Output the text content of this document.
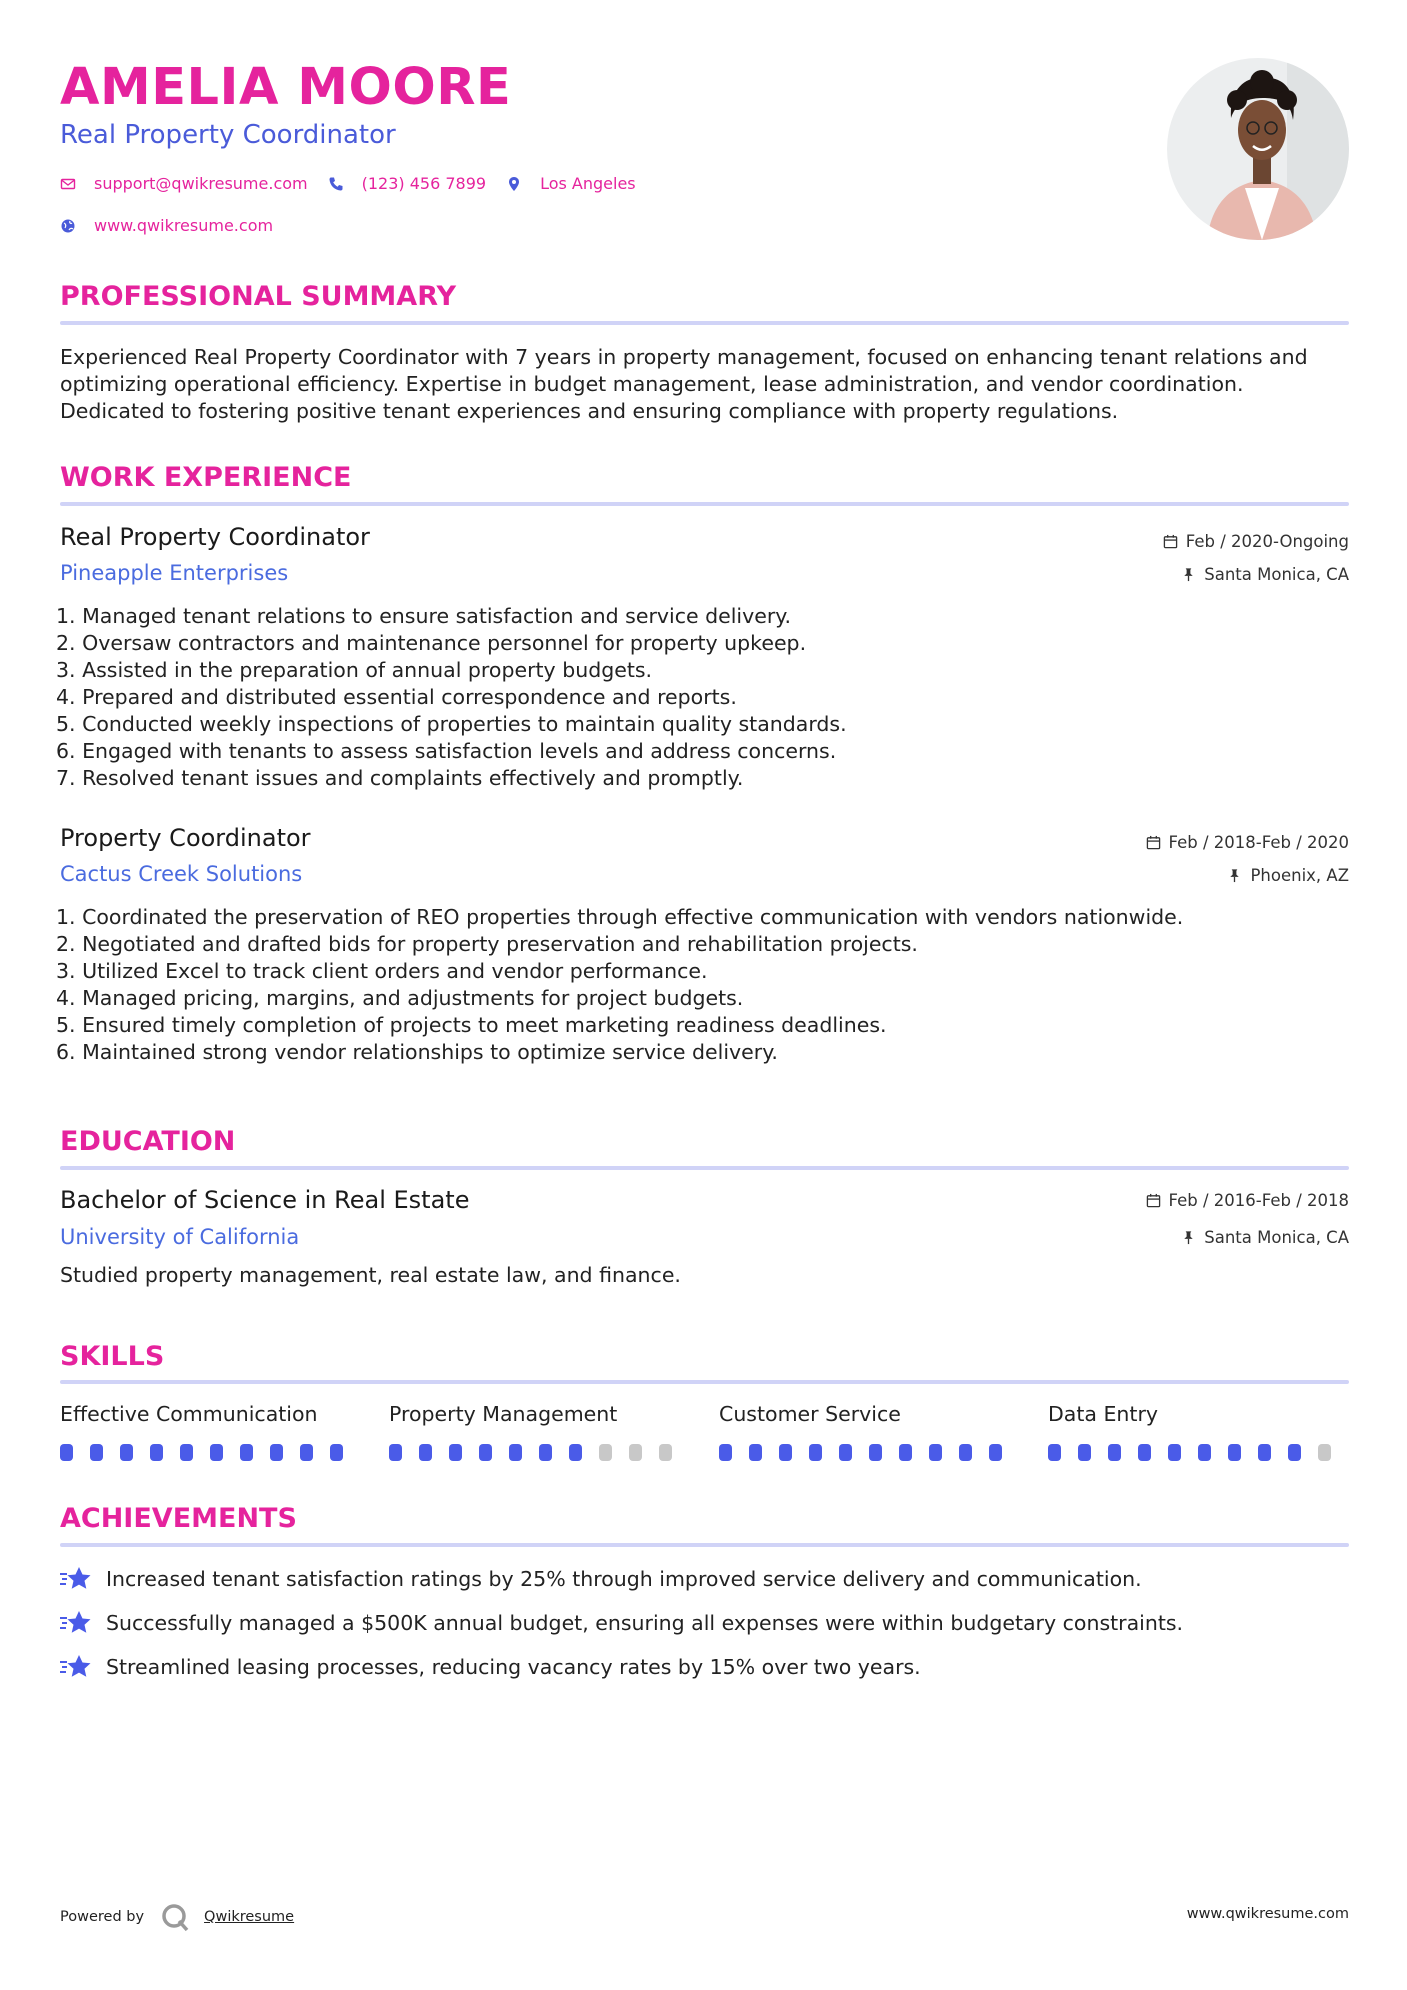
AMELIA MOORE
Real Property Coordinator
support@qwikresume.com	(123) 456 7899	Los Angeles
www.qwikresume.com
PROFESSIONAL SUMMARY
Experienced Real Property Coordinator with 7 years in property management, focused on enhancing tenant relations and optimizing operational efficiency. Expertise in budget management, lease administration, and vendor coordination. Dedicated to fostering positive tenant experiences and ensuring compliance with property regulations.
WORK EXPERIENCE
Real Property Coordinator
Pineapple Enterprises
Feb / 2020-Ongoing
Santa Monica, CA
1. Managed tenant relations to ensure satisfaction and service delivery.
2. Oversaw contractors and maintenance personnel for property upkeep.
3. Assisted in the preparation of annual property budgets.
4. Prepared and distributed essential correspondence and reports.
5. Conducted weekly inspections of properties to maintain quality standards.
6. Engaged with tenants to assess satisfaction levels and address concerns.
7. Resolved tenant issues and complaints effectively and promptly.
Property Coordinator
Cactus Creek Solutions
Feb / 2018-Feb / 2020
Phoenix, AZ
1. Coordinated the preservation of REO properties through effective communication with vendors nationwide.
2. Negotiated and drafted bids for property preservation and rehabilitation projects.
3. Utilized Excel to track client orders and vendor performance.
4. Managed pricing, margins, and adjustments for project budgets.
5. Ensured timely completion of projects to meet marketing readiness deadlines.
6. Maintained strong vendor relationships to optimize service delivery.
EDUCATION
Bachelor of Science in Real Estate
University of California
Feb / 2016-Feb / 2018
Santa Monica, CA
Studied property management, real estate law, and finance.
SKILLS
Effective Communication	Property Management	Customer Service	Data Entry
ACHIEVEMENTS
Increased tenant satisfaction ratings by 25% through improved service delivery and communication.
Successfully managed a $500K annual budget, ensuring all expenses were within budgetary constraints.
Streamlined leasing processes, reducing vacancy rates by 15% over two years.
Powered by	Qwikresume	www.qwikresume.com
